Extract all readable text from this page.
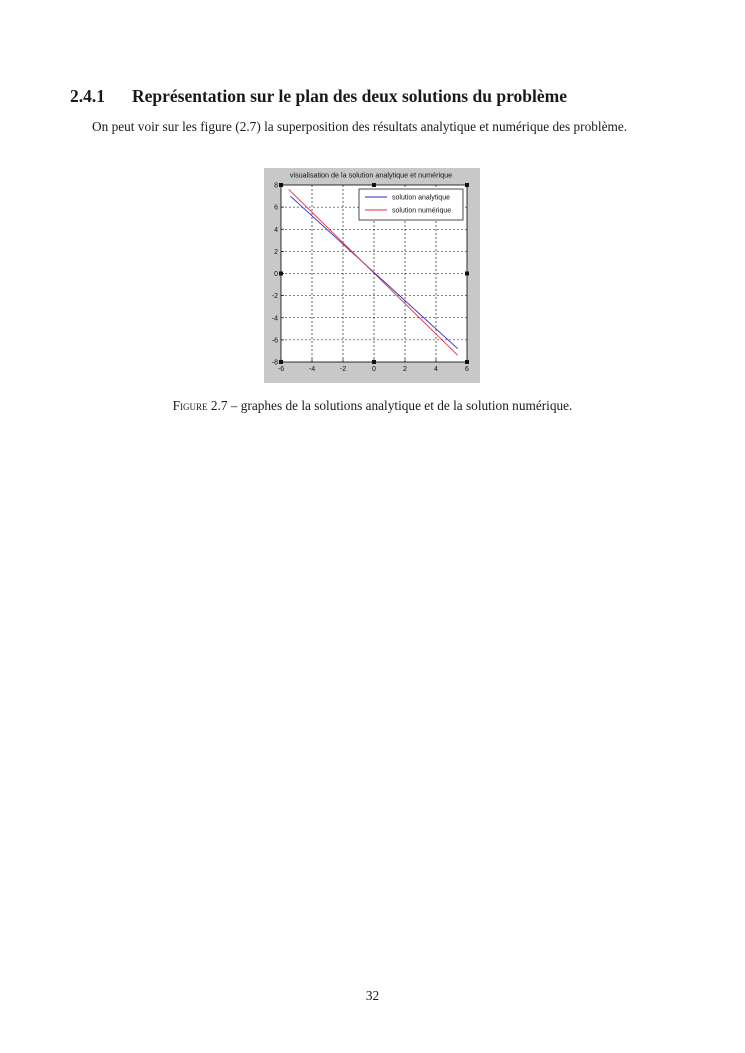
2.4.1 Représentation sur le plan des deux solutions du problème
On peut voir sur les figure (2.7) la superposition des résultats analytique et numérique des problème.
visualisation de la solution analytique et numérique
-6	-4	-2	0	2	4	6
8
6
4
2
0
-2
-4
-6
-8
solution analytique
solution numérique
Figure 2.7 – graphes de la solutions analytique et de la solution numérique.
32
